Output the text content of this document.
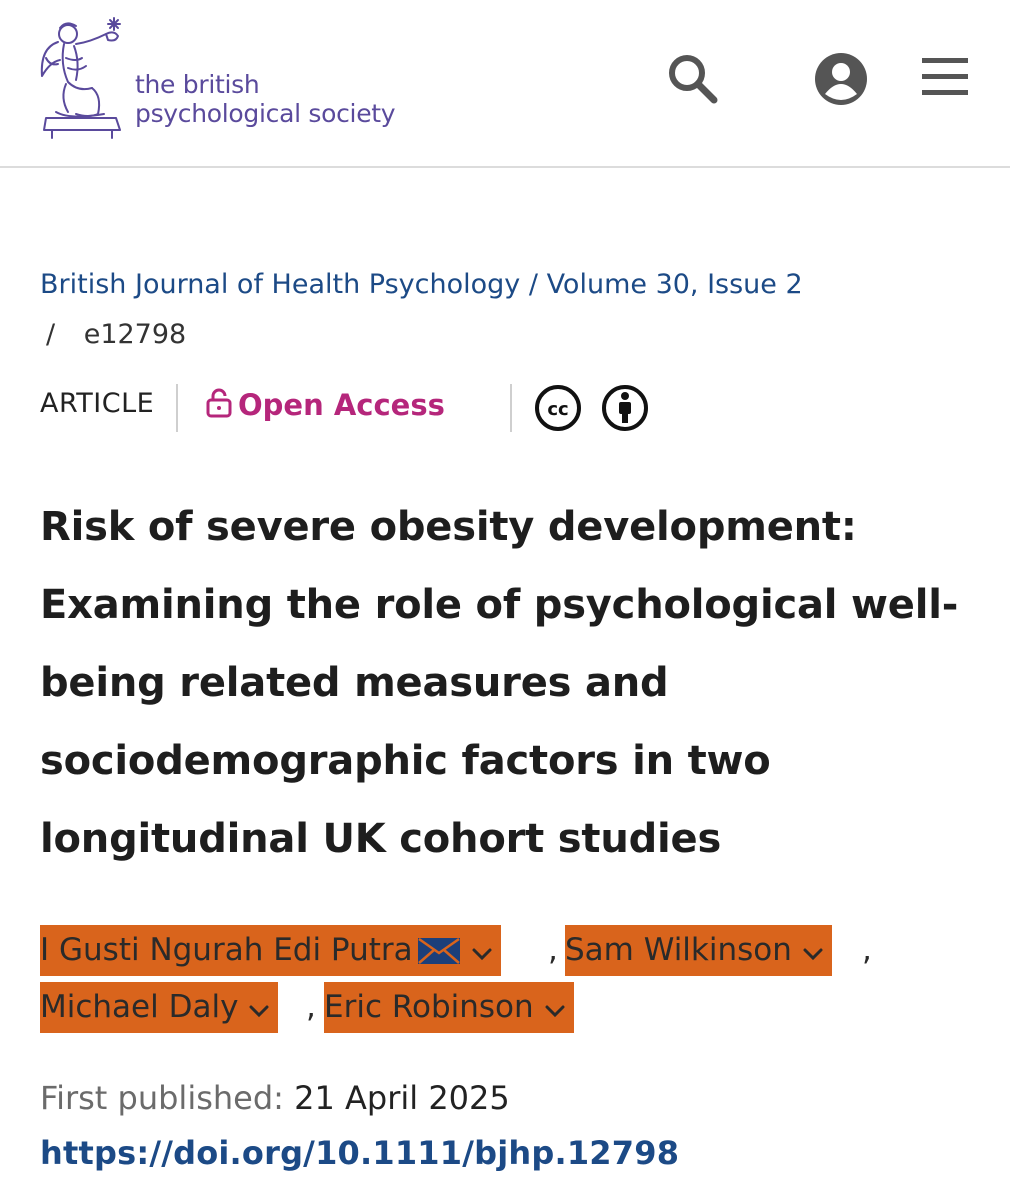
the british
psychological society
British Journal of Health Psychology / Volume 30, Issue 2
/ e12798
ARTICLE	Open Access	cc
Risk of severe obesity development: Examining the role of psychological well-being related measures and sociodemographic factors in two longitudinal UK cohort studies
I Gusti Ngurah Edi Putra	, Sam Wilkinson	,
Michael Daly	, Eric Robinson
First published: 21 April 2025
https://doi.org/10.1111/bjhp.12798
